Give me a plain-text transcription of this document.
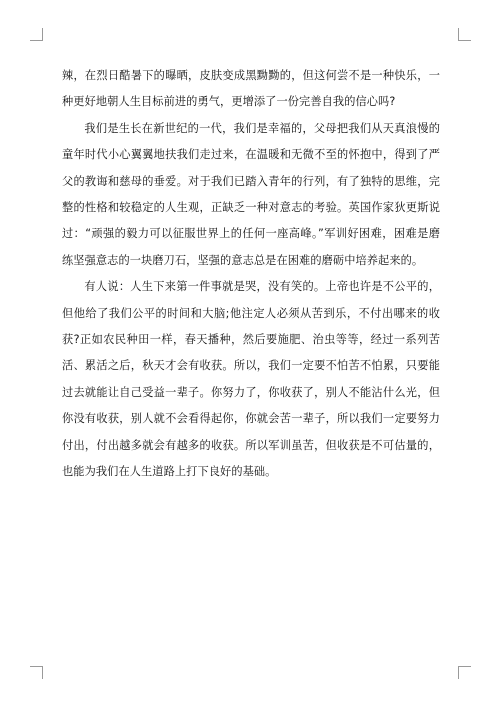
辣，在烈日酷暑下的曝晒，皮肤变成黑黝黝的，但这何尝不是一种快乐，一种更好地朝人生目标前进的勇气，更增添了一份完善自我的信心吗?

我们是生长在新世纪的一代，我们是幸福的，父母把我们从天真浪慢的童年时代小心翼翼地扶我们走过来，在温暖和无微不至的怀抱中，得到了严父的教诲和慈母的垂爱。对于我们已踏入青年的行列，有了独特的思维，完整的性格和较稳定的人生观，正缺乏一种对意志的考验。英国作家狄更斯说过：“顽强的毅力可以征服世界上的任何一座高峰。”军训好困难，困难是磨练坚强意志的一块磨刀石，坚强的意志总是在困难的磨砺中培养起来的。

有人说：人生下来第一件事就是哭，没有笑的。上帝也许是不公平的，但他给了我们公平的时间和大脑;他注定人必须从苦到乐，不付出哪来的收获?正如农民种田一样，春天播种，然后要施肥、治虫等等，经过一系列苦活、累活之后，秋天才会有收获。所以，我们一定要不怕苦不怕累，只要能过去就能让自己受益一辈子。你努力了，你收获了，别人不能沾什么光，但你没有收获，别人就不会看得起你，你就会苦一辈子，所以我们一定要努力付出，付出越多就会有越多的收获。所以军训虽苦，但收获是不可估量的，也能为我们在人生道路上打下良好的基础。
